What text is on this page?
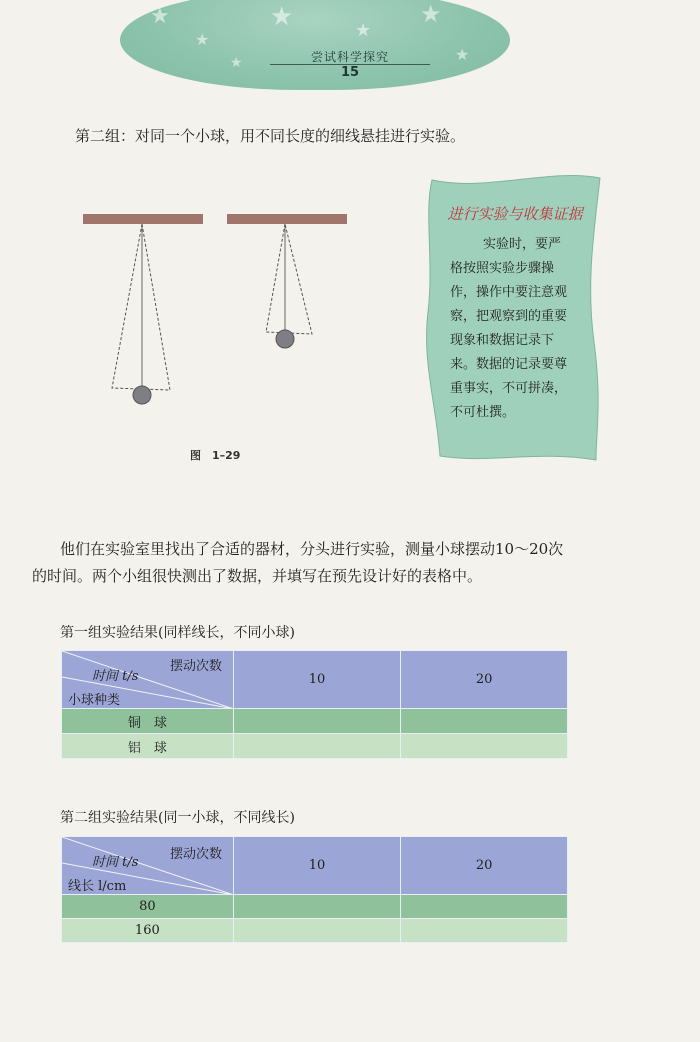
★
★
★	★
★
★
★	尝试科学探究
15
第二组：对同一个小球，用不同长度的细线悬挂进行实验。
图　1–29
进行实验与收集证据
实验时，要严
格按照实验步骤操
作，操作中要注意观
察，把观察到的重要
现象和数据记录下
来。数据的记录要尊
重事实，不可拼凑，
不可杜撰。
他们在实验室里找出了合适的器材，分头进行实验，测量小球摆动10～20次
的时间。两个小组很快测出了数据，并填写在预先设计好的表格中。
第一组实验结果(同样线长，不同小球)
摆动次数
时间 t/s
小球种类	10	20
铜　球		
铝　球		
第二组实验结果(同一小球，不同线长)
摆动次数
时间 t/s
线长 l/cm	10	20
80		
160		
